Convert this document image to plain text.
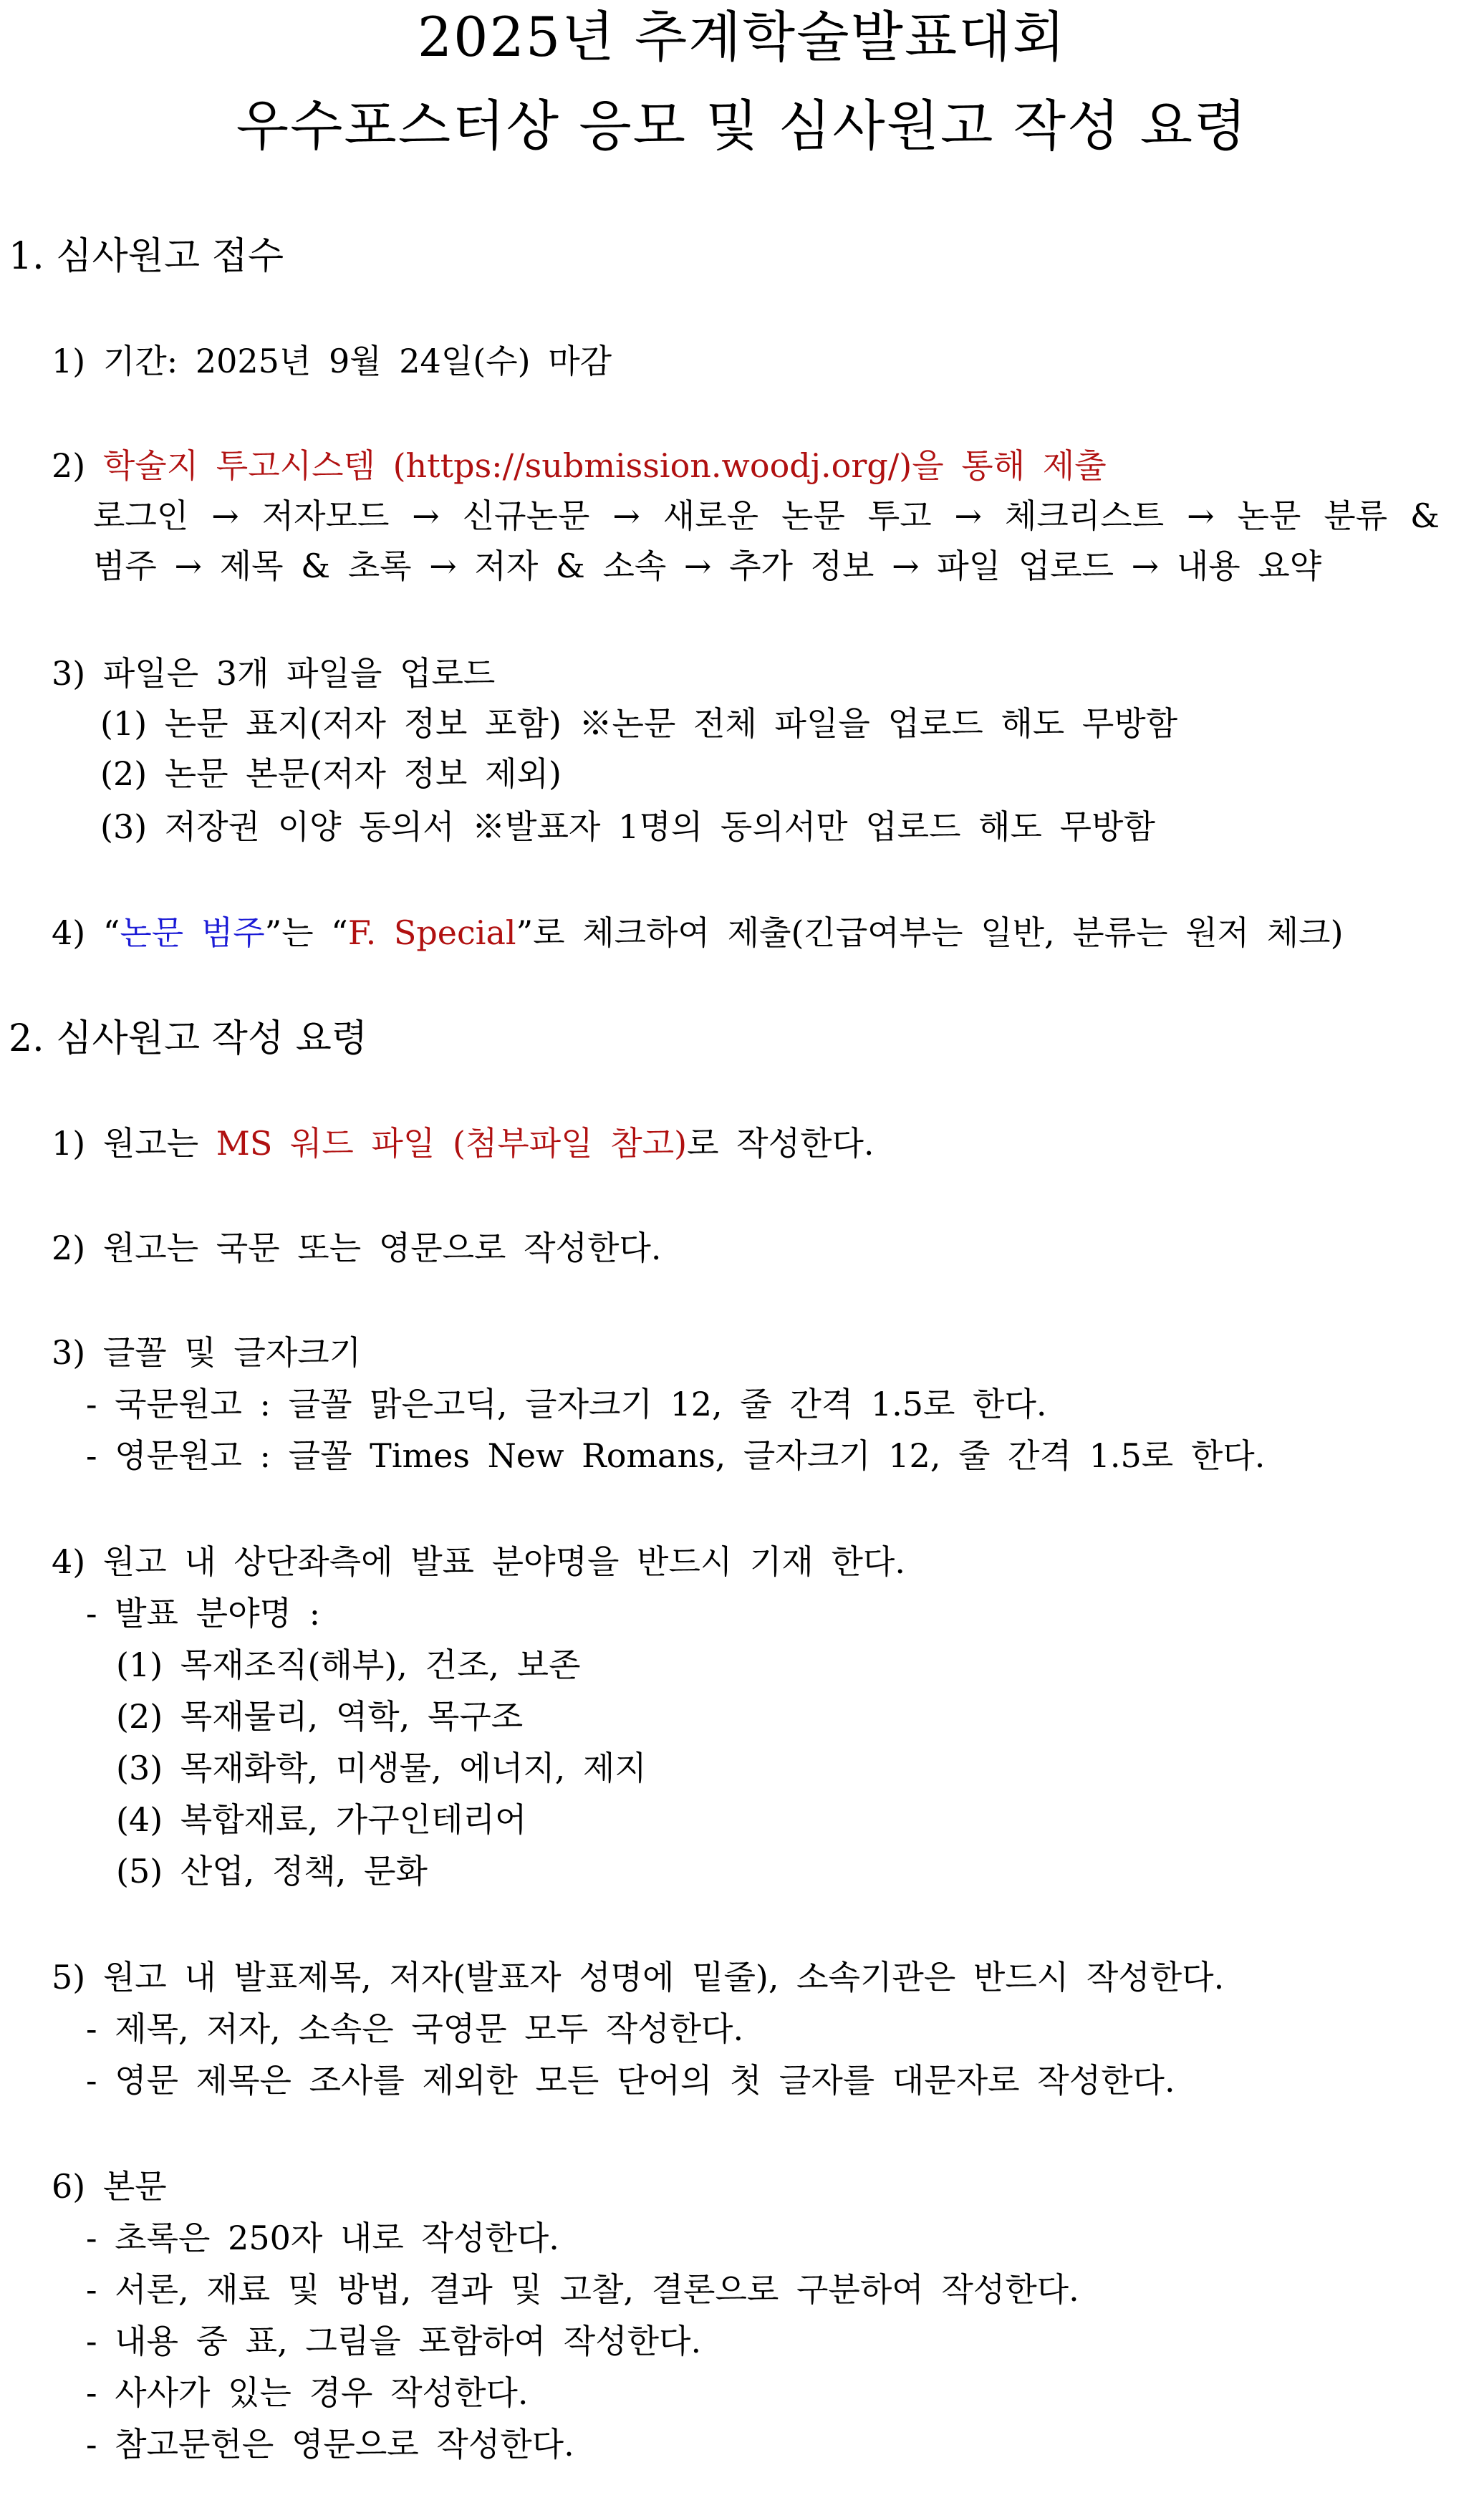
2025년 추계학술발표대회
우수포스터상 응모 및 심사원고 작성 요령
1. 심사원고 접수
1) 기간: 2025년 9월 24일(수) 마감
2) 학술지 투고시스템 (https://submission.woodj.org/)을 통해 제출
로그인 → 저자모드 → 신규논문 → 새로운 논문 투고 → 체크리스트 → 논문 분류 &
범주 → 제목 & 초록 → 저자 & 소속 → 추가 정보 → 파일 업로드 → 내용 요약
3) 파일은 3개 파일을 업로드
(1) 논문 표지(저자 정보 포함) ※논문 전체 파일을 업로드 해도 무방함
(2) 논문 본문(저자 정보 제외)
(3) 저장권 이양 동의서 ※발표자 1명의 동의서만 업로드 해도 무방함
4) “논문 범주”는 “F. Special”로 체크하여 제출(긴급여부는 일반, 분류는 원저 체크)
2. 심사원고 작성 요령
1) 원고는 MS 워드 파일 (첨부파일 참고)로 작성한다.
2) 원고는 국문 또는 영문으로 작성한다.
3) 글꼴 및 글자크기
- 국문원고 : 글꼴 맑은고딕, 글자크기 12, 줄 간격 1.5로 한다.
- 영문원고 : 글꼴 Times New Romans, 글자크기 12, 줄 간격 1.5로 한다.
4) 원고 내 상단좌측에 발표 분야명을 반드시 기재 한다.
- 발표 분야명 :
(1) 목재조직(해부), 건조, 보존
(2) 목재물리, 역학, 목구조
(3) 목재화학, 미생물, 에너지, 제지
(4) 복합재료, 가구인테리어
(5) 산업, 정책, 문화
5) 원고 내 발표제목, 저자(발표자 성명에 밑줄), 소속기관은 반드시 작성한다.
- 제목, 저자, 소속은 국영문 모두 작성한다.
- 영문 제목은 조사를 제외한 모든 단어의 첫 글자를 대문자로 작성한다.
6) 본문
- 초록은 250자 내로 작성한다.
- 서론, 재료 및 방법, 결과 및 고찰, 결론으로 구분하여 작성한다.
- 내용 중 표, 그림을 포함하여 작성한다.
- 사사가 있는 경우 작성한다.
- 참고문헌은 영문으로 작성한다.
